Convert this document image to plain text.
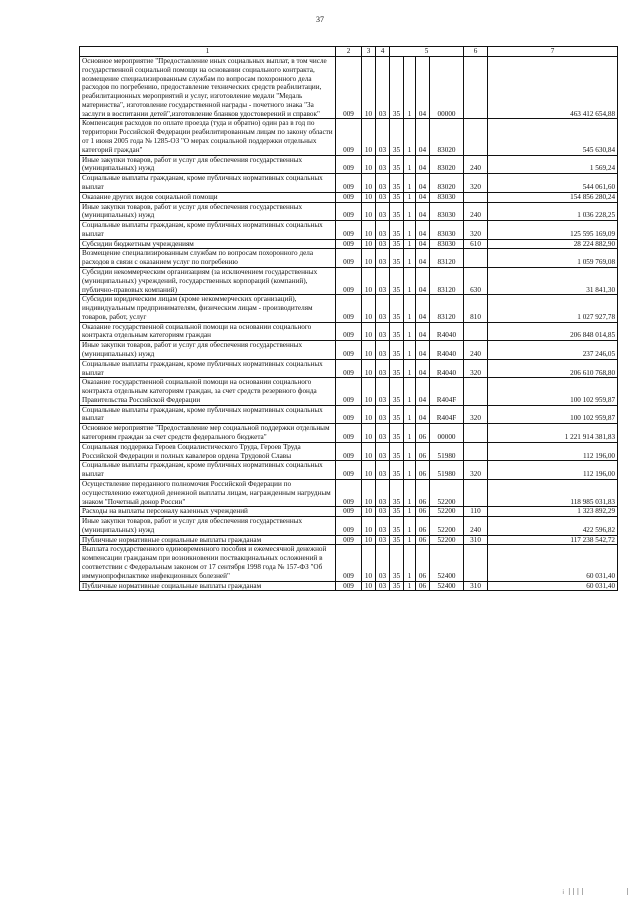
37
1	2	3	4	5				6	7
Основное мероприятие "Предоставление иных социальных выплат, в том числе государственной социальной помощи на основании социального контракта, возмещение специализированным службам по вопросам похоронного дела расходов по погребению, предоставление технических средств реабилитации, реабилитационных мероприятий и услуг, изготовление медали "Медаль материнства", изготовление государственной награды - почетного знака "За заслуги в воспитании детей",изготовление бланков удостоверений и справок"	009	10	03	35	1	04	00000		463 412 654,88
Компенсация расходов по оплате проезда (туда и обратно) один раз в год по территории Российской Федерации реабилитированным лицам по закону области от 1 июня 2005 года № 1285-ОЗ "О мерах социальной поддержки отдельных категорий граждан"	009	10	03	35	1	04	83020		545 630,84
Иные закупки товаров, работ и услуг для обеспечения государственных (муниципальных) нужд	009	10	03	35	1	04	83020	240	1 569,24
Социальные выплаты гражданам, кроме публичных нормативных социальных выплат	009	10	03	35	1	04	83020	320	544 061,60
Оказание других видов социальной помощи	009	10	03	35	1	04	83030		154 856 280,24
Иные закупки товаров, работ и услуг для обеспечения государственных (муниципальных) нужд	009	10	03	35	1	04	83030	240	1 036 228,25
Социальные выплаты гражданам, кроме публичных нормативных социальных выплат	009	10	03	35	1	04	83030	320	125 595 169,09
Субсидии бюджетным учреждениям	009	10	03	35	1	04	83030	610	28 224 882,90
Возмещение специализированным службам по вопросам похоронного дела расходов в связи с оказанием услуг по погребению	009	10	03	35	1	04	83120		1 059 769,08
Субсидии некоммерческим организациям (за исключением государственных (муниципальных) учреждений, государственных корпораций (компаний), публично-правовых компаний)	009	10	03	35	1	04	83120	630	31 841,30
Субсидии юридическим лицам (кроме некоммерческих организаций), индивидуальным предпринимателям, физическим лицам - производителям товаров, работ, услуг	009	10	03	35	1	04	83120	810	1 027 927,78
Оказание государственной социальной помощи на основании социального контракта отдельным категориям граждан	009	10	03	35	1	04	R4040		206 848 014,85
Иные закупки товаров, работ и услуг для обеспечения государственных (муниципальных) нужд	009	10	03	35	1	04	R4040	240	237 246,05
Социальные выплаты гражданам, кроме публичных нормативных социальных выплат	009	10	03	35	1	04	R4040	320	206 610 768,80
Оказание государственной социальной помощи на основании социального контракта отдельным категориям граждан, за счет средств резервного фонда Правительства Российской Федерации	009	10	03	35	1	04	R404F		100 102 959,87
Социальные выплаты гражданам, кроме публичных нормативных социальных выплат	009	10	03	35	1	04	R404F	320	100 102 959,87
Основное мероприятие "Предоставление мер социальной поддержки отдельным категориям граждан за счет средств федерального бюджета"	009	10	03	35	1	06	00000		1 221 914 381,83
Социальная поддержка Героев Социалистического Труда, Героев Труда Российской Федерации и полных кавалеров ордена Трудовой Славы	009	10	03	35	1	06	51980		112 196,00
Социальные выплаты гражданам, кроме публичных нормативных социальных выплат	009	10	03	35	1	06	51980	320	112 196,00
Осуществление переданного полномочия Российской Федерации по осуществлению ежегодной денежной выплаты лицам, награжденным нагрудным знаком "Почетный донор России"	009	10	03	35	1	06	52200		118 985 031,83
Расходы на выплаты персоналу казенных учреждений	009	10	03	35	1	06	52200	110	1 323 892,29
Иные закупки товаров, работ и услуг для обеспечения государственных (муниципальных) нужд	009	10	03	35	1	06	52200	240	422 596,82
Публичные нормативные социальные выплаты гражданам	009	10	03	35	1	06	52200	310	117 238 542,72
Выплата государственного единовременного пособия и ежемесячной денежной компенсации гражданам при возникновении поствакцинальных осложнений в соответствии с Федеральным законом от 17 сентября 1998 года № 157-ФЗ "Об иммунопрофилактике инфекционных болезней"	009	10	03	35	1	06	52400		60 031,40
Публичные нормативные социальные выплаты гражданам	009	10	03	35	1	06	52400	310	60 031,40
⁞ ׀׀׀׀	׀
